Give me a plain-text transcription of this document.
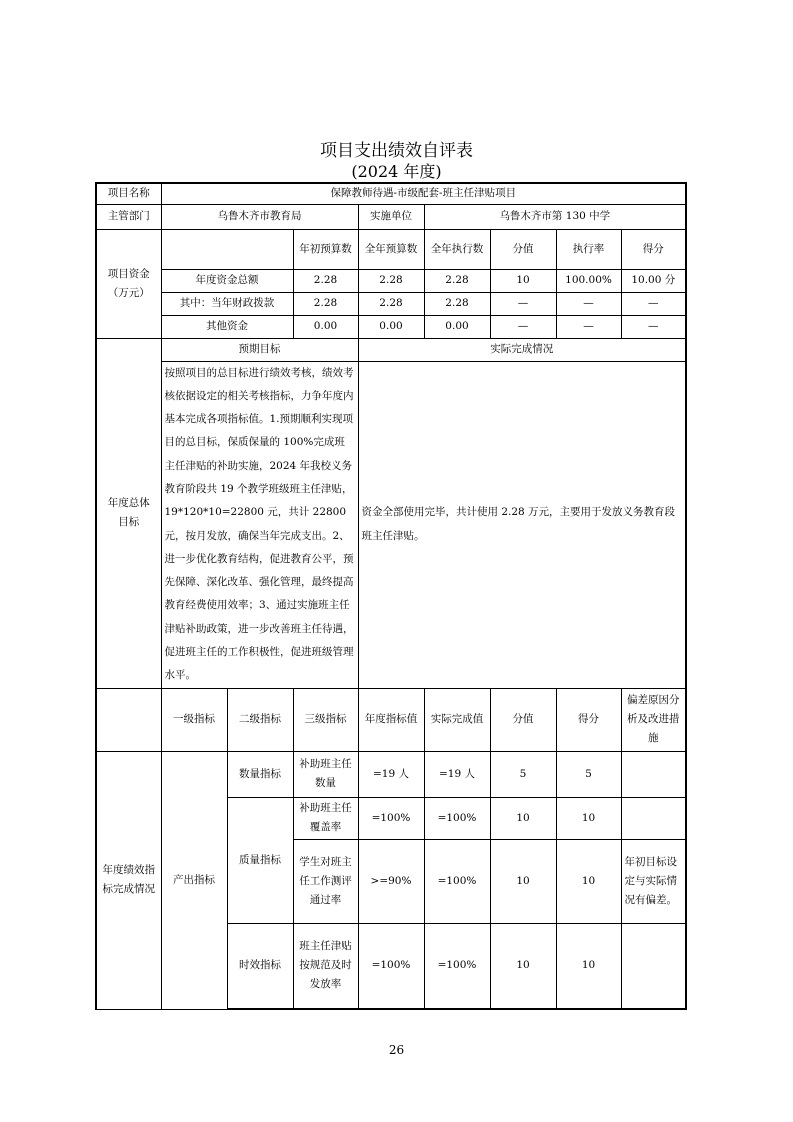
项目支出绩效自评表
(2024 年度)
项目名称	保障教师待遇-市级配套-班主任津贴项目							
主管部门	乌鲁木齐市教育局			实施单位	乌鲁木齐市第 130 中学			

项目资金
（万元）			年初预算数	全年预算数	全年执行数	分值	执行率	得分
	年度资金总额		2.28	2.28	2.28	10	100.00%	10.00 分
	其中：当年财政拨款		2.28	2.28	2.28	—	—	—
	其他资金		0.00	0.00	0.00	—	—	—

年度总体
目标	预期目标			实际完成情况				

	按照项目的总目标进行绩效考核，绩效考核依据设定的相关考核指标，力争年度内基本完成各项指标值。1.预期顺利实现项目的总目标，保质保量的 100%完成班主任津贴的补助实施，2024 年我校义务教育阶段共 19 个教学班级班主任津贴，19*120*10=22800 元，共计 22800元，按月发放，确保当年完成支出。2、进一步优化教育结构，促进教育公平，预先保障、深化改革、强化管理，最终提高教育经费使用效率；3、通过实施班主任津贴补助政策，进一步改善班主任待遇，促进班主任的工作积极性，促进班级管理水平。			资金全部使用完毕，共计使用 2.28 万元，主要用于发放义务教育段班主任津贴。				

	一级指标	二级指标	三级指标	年度指标值	实际完成值	分值	得分	偏差原因分析及改进措施
年度绩效指标完成情况	产出指标	数量指标	补助班主任数量	=19 人	=19 人	5	5	
		质量指标	补助班主任覆盖率	=100%	=100%	10	10	
			学生对班主任工作测评通过率	>=90%	=100%	10	10	年初目标设定与实际情况有偏差。
		时效指标	班主任津贴按规范及时发放率	=100%	=100%	10	10	
26
